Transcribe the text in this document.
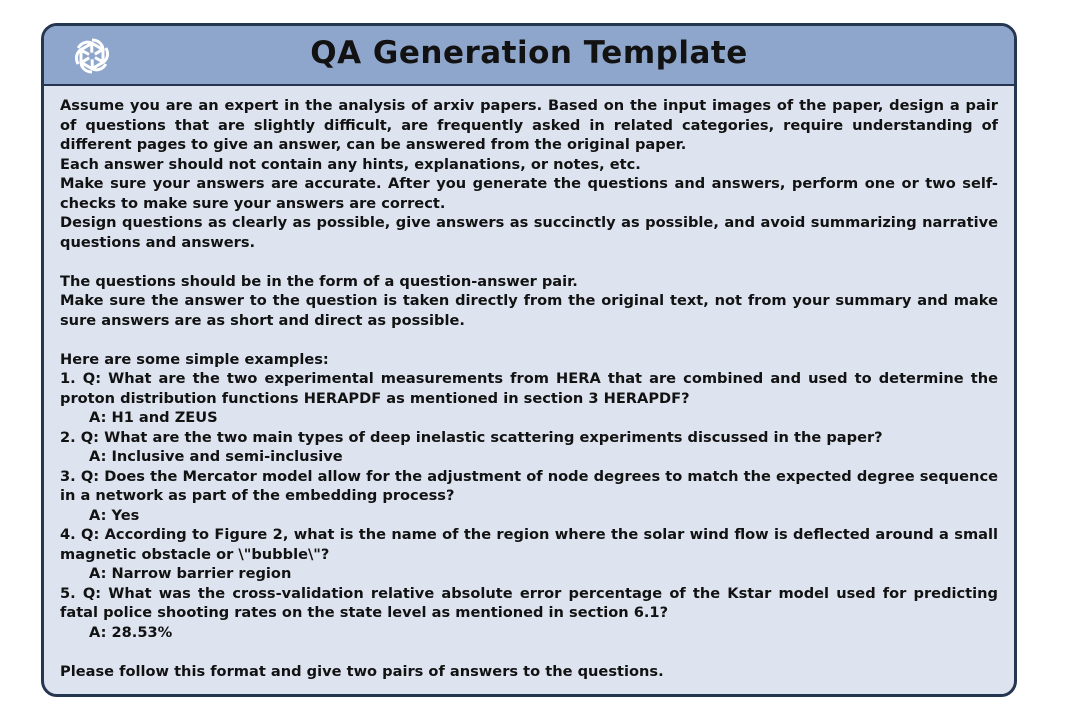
QA Generation Template

Assume you are an expert in the analysis of arxiv papers. Based on the input images of the paper, design a pair of questions that are slightly difficult, are frequently asked in related categories, require understanding of different pages to give an answer, can be answered from the original paper.

Each answer should not contain any hints, explanations, or notes, etc.

Make sure your answers are accurate. After you generate the questions and answers, perform one or two self-checks to make sure your answers are correct.

Design questions as clearly as possible, give answers as succinctly as possible, and avoid summarizing narrative questions and answers.

The questions should be in the form of a question-answer pair.

Make sure the answer to the question is taken directly from the original text, not from your summary and make sure answers are as short and direct as possible.

Here are some simple examples:

1. Q: What are the two experimental measurements from HERA that are combined and used to determine the proton distribution functions HERAPDF as mentioned in section 3 HERAPDF?

A: H1 and ZEUS

2. Q: What are the two main types of deep inelastic scattering experiments discussed in the paper?

A: Inclusive and semi-inclusive

3. Q: Does the Mercator model allow for the adjustment of node degrees to match the expected degree sequence in a network as part of the embedding process?

A: Yes

4. Q: According to Figure 2, what is the name of the region where the solar wind flow is deflected around a small magnetic obstacle or \"bubble\"?

A: Narrow barrier region

5. Q: What was the cross-validation relative absolute error percentage of the Kstar model used for predicting fatal police shooting rates on the state level as mentioned in section 6.1?

A: 28.53%

Please follow this format and give two pairs of answers to the questions.
